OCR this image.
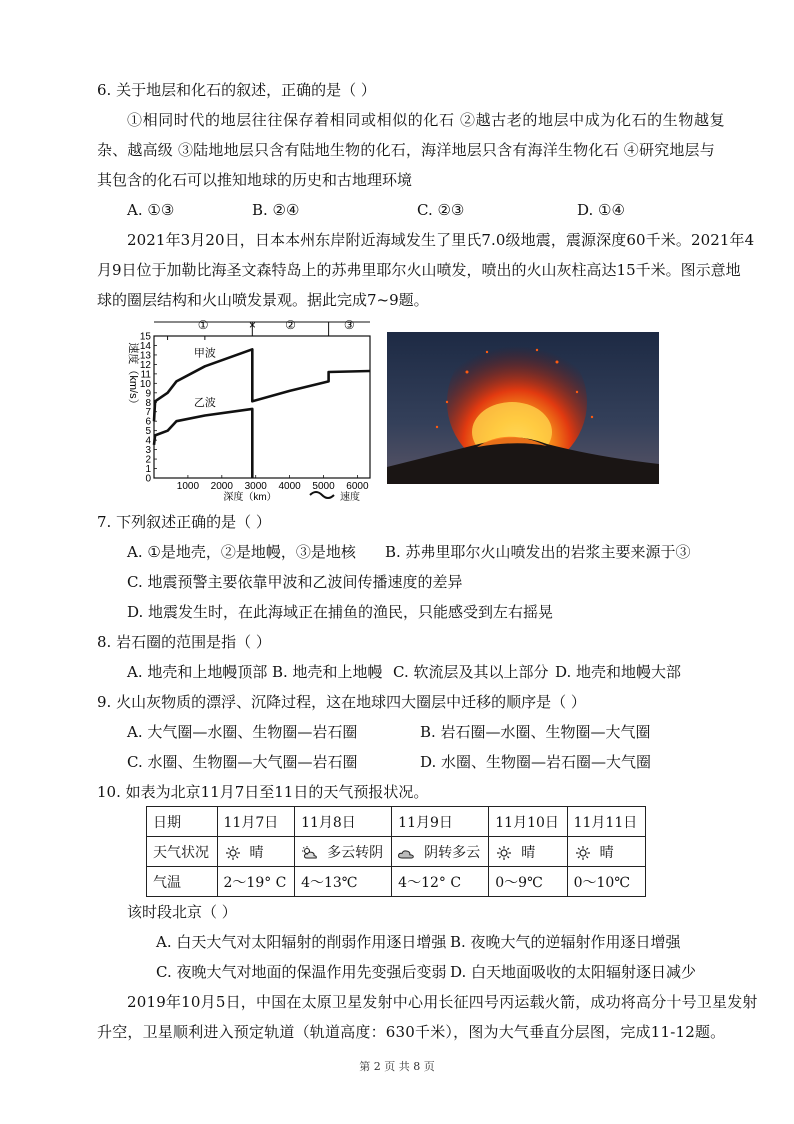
6. 关于地层和化石的叙述，正确的是（ ）
①相同时代的地层往往保存着相同或相似的化石 ②越古老的地层中成为化石的生物越复
杂、越高级 ③陆地地层只含有陆地生物的化石，海洋地层只含有海洋生物化石 ④研究地层与
其包含的化石可以推知地球的历史和古地理环境
A. ①③	B. ②④	C. ②③	D. ①④
2021年3月20日，日本本州东岸附近海域发生了里氏7.0级地震，震源深度60千米。2021年4
月9日位于加勒比海圣文森特岛上的苏弗里耶尔火山喷发，喷出的火山灰柱高达15千米。图示意地
球的圈层结构和火山喷发景观。据此完成7~9题。
0
1
2
3
4
5
6
7
8
9
10
11
12
13
14
15
1000 2000 3000 4000 5000 6000
①	× ②	③
甲波
乙波
速度（km/s）
深度（km）	速度
7. 下列叙述正确的是（ ）
A. ①是地壳，②是地幔，③是地核 B. 苏弗里耶尔火山喷发出的岩浆主要来源于③
C. 地震预警主要依靠甲波和乙波间传播速度的差异
D. 地震发生时，在此海域正在捕鱼的渔民，只能感受到左右摇晃
8. 岩石圈的范围是指（ ）
A. 地壳和上地幔顶部 B. 地壳和上地幔 C. 软流层及其以上部分 D. 地壳和地幔大部
9. 火山灰物质的漂浮、沉降过程，这在地球四大圈层中迁移的顺序是（ ）
A. 大气圈—水圈、生物圈—岩石圈	B. 岩石圈—水圈、生物圈—大气圈
C. 水圈、生物圈—大气圈—岩石圈	D. 水圈、生物圈—岩石圈—大气圈
10. 如表为北京11月7日至11日的天气预报状况。
日期	11月7日	11月8日	11月9日	11月10日	11月11日
天气状况	晴	多云转阴	阴转多云	晴	晴
气温	2～19° C	4～13℃	4～12° C	0～9℃	0～10℃
该时段北京（ ）
A. 白天大气对太阳辐射的削弱作用逐日增强 B. 夜晚大气的逆辐射作用逐日增强
C. 夜晚大气对地面的保温作用先变强后变弱 D. 白天地面吸收的太阳辐射逐日减少
2019年10月5日，中国在太原卫星发射中心用长征四号丙运载火箭，成功将高分十号卫星发射
升空，卫星顺利进入预定轨道（轨道高度：630千米），图为大气垂直分层图，完成11-12题。
第 2 页 共 8 页
